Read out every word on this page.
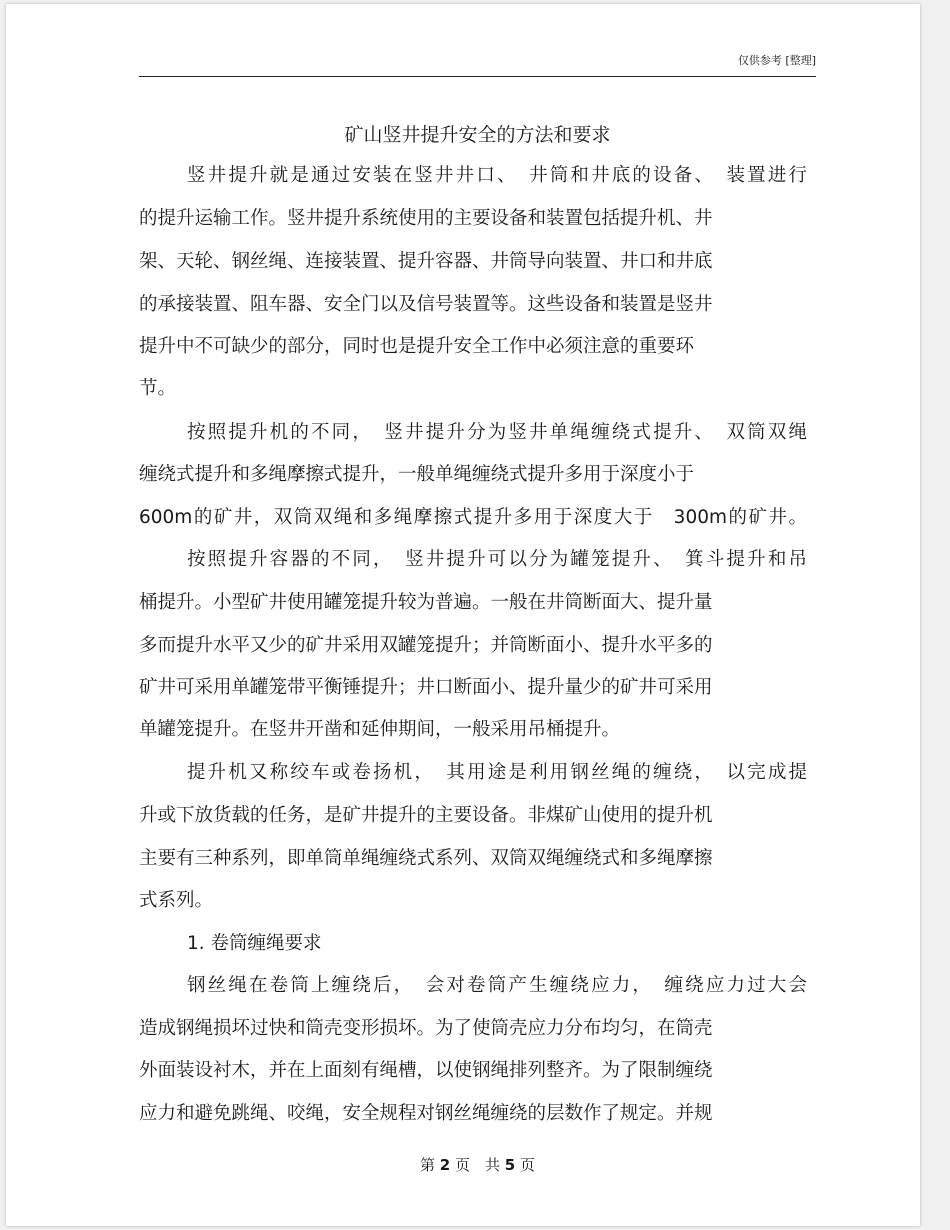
仅供参考 [整理]
矿山竖井提升安全的方法和要求
竖井提升就是通过安装在竖井井口、　井筒和井底的设备、　装置进行
的提升运输工作。竖井提升系统使用的主要设备和装置包括提升机、井
架、天轮、钢丝绳、连接装置、提升容器、井筒导向装置、井口和井底
的承接装置、阻车器、安全门以及信号装置等。这些设备和装置是竖井
提升中不可缺少的部分，同时也是提升安全工作中必须注意的重要环
节。
按照提升机的不同，　竖井提升分为竖井单绳缠绕式提升、　双筒双绳
缠绕式提升和多绳摩擦式提升，一般单绳缠绕式提升多用于深度小于
600m的矿井，双筒双绳和多绳摩擦式提升多用于深度大于　300m的矿井。
按照提升容器的不同，　竖井提升可以分为罐笼提升、　箕斗提升和吊
桶提升。小型矿井使用罐笼提升较为普遍。一般在井筒断面大、提升量
多而提升水平又少的矿井采用双罐笼提升；并筒断面小、提升水平多的
矿井可采用单罐笼带平衡锤提升；井口断面小、提升量少的矿井可采用
单罐笼提升。在竖井开凿和延伸期间，一般采用吊桶提升。
提升机又称绞车或卷扬机，　其用途是利用钢丝绳的缠绕，　以完成提
升或下放货载的任务，是矿井提升的主要设备。非煤矿山使用的提升机
主要有三种系列，即单筒单绳缠绕式系列、双筒双绳缠绕式和多绳摩擦
式系列。
1. 卷筒缠绳要求
钢丝绳在卷筒上缠绕后，　会对卷筒产生缠绕应力，　缠绕应力过大会
造成钢绳损坏过快和筒壳变形损坏。为了使筒壳应力分布均匀，在筒壳
外面装设衬木，并在上面刻有绳槽，以使钢绳排列整齐。为了限制缠绕
应力和避免跳绳、咬绳，安全规程对钢丝绳缠绕的层数作了规定。并规
第 2 页　共 5 页
